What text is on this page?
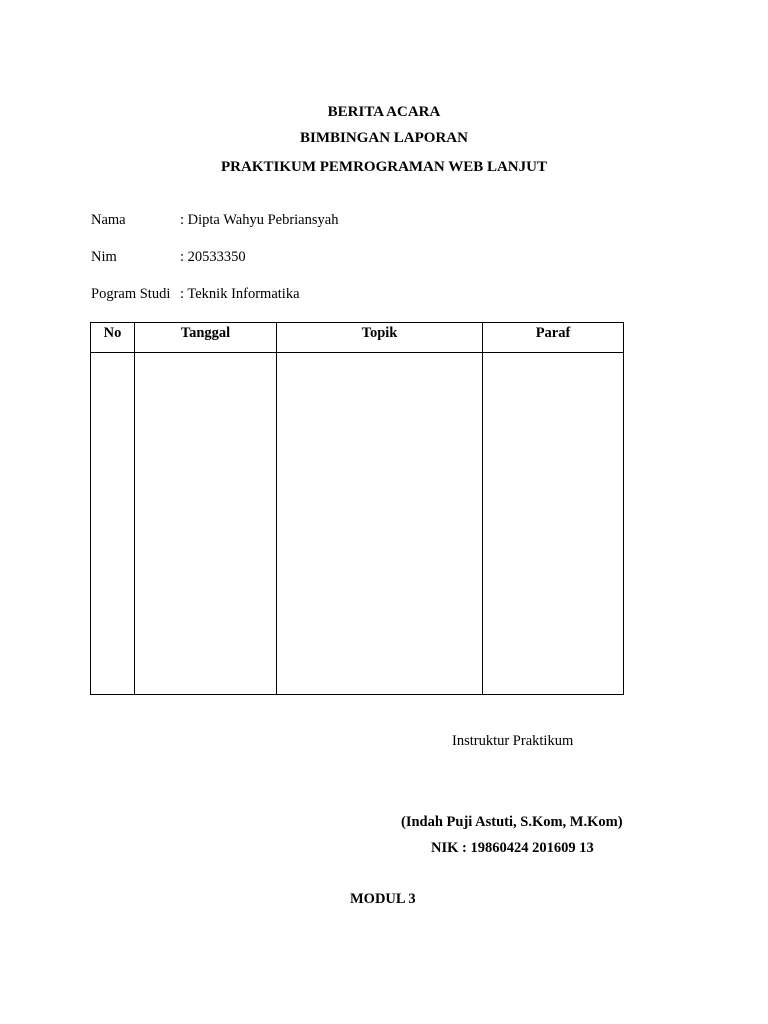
BERITA ACARA
BIMBINGAN LAPORAN
PRAKTIKUM PEMROGRAMAN WEB LANJUT
Nama	: Dipta Wahyu Pebriansyah
Nim	: 20533350
Pogram Studi : Teknik Informatika
No	Tanggal	Topik	Paraf

Instruktur Praktikum
(Indah Puji Astuti, S.Kom, M.Kom)
NIK : 19860424 201609 13
MODUL 3
